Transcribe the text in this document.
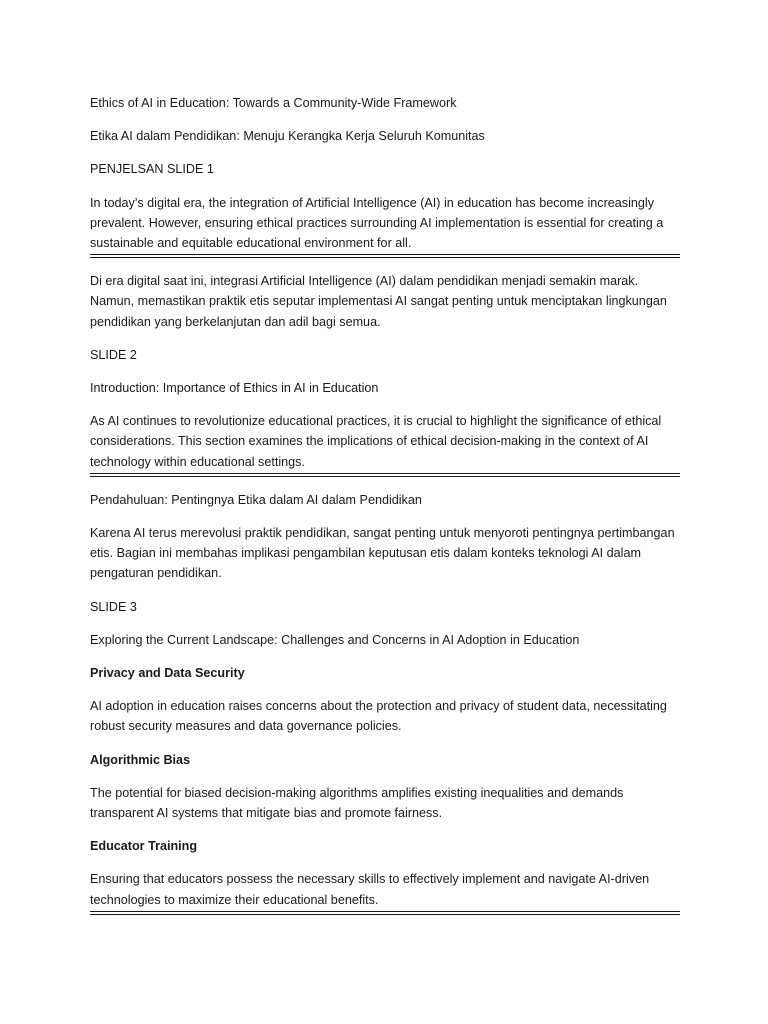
Ethics of AI in Education: Towards a Community-Wide Framework

Etika AI dalam Pendidikan: Menuju Kerangka Kerja Seluruh Komunitas

PENJELSAN SLIDE 1

In today’s digital era, the integration of Artificial Intelligence (AI) in education has become increasingly prevalent. However, ensuring ethical practices surrounding AI implementation is essential for creating a sustainable and equitable educational environment for all.

Di era digital saat ini, integrasi Artificial Intelligence (AI) dalam pendidikan menjadi semakin marak. Namun, memastikan praktik etis seputar implementasi AI sangat penting untuk menciptakan lingkungan pendidikan yang berkelanjutan dan adil bagi semua.

SLIDE 2

Introduction: Importance of Ethics in AI in Education

As AI continues to revolutionize educational practices, it is crucial to highlight the significance of ethical considerations. This section examines the implications of ethical decision-making in the context of AI technology within educational settings.

Pendahuluan: Pentingnya Etika dalam AI dalam Pendidikan

Karena AI terus merevolusi praktik pendidikan, sangat penting untuk menyoroti pentingnya pertimbangan etis. Bagian ini membahas implikasi pengambilan keputusan etis dalam konteks teknologi AI dalam pengaturan pendidikan.

SLIDE 3

Exploring the Current Landscape: Challenges and Concerns in AI Adoption in Education

Privacy and Data Security

AI adoption in education raises concerns about the protection and privacy of student data, necessitating robust security measures and data governance policies.

Algorithmic Bias

The potential for biased decision-making algorithms amplifies existing inequalities and demands transparent AI systems that mitigate bias and promote fairness.

Educator Training

Ensuring that educators possess the necessary skills to effectively implement and navigate AI-driven technologies to maximize their educational benefits.
